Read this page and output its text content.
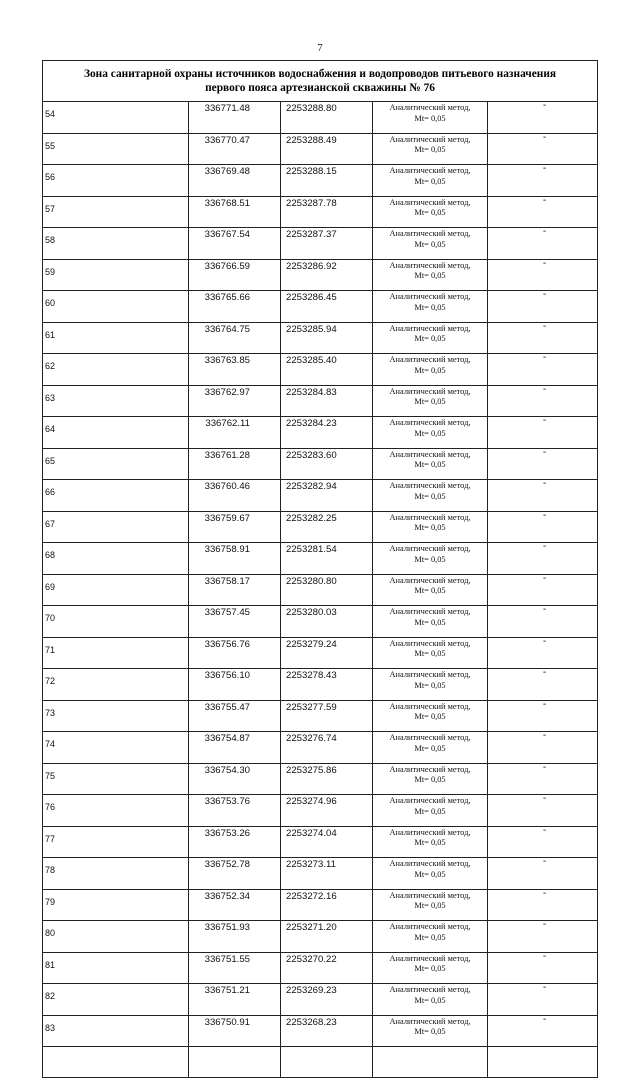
7
Зона санитарной охраны источников водоснабжения и водопроводов питьевого назначения
первого пояса артезианской скважины № 76				

54	336771.48	2253288.80	Аналитический метод,
Mt= 0,05	-
55	336770.47	2253288.49	Аналитический метод,
Mt= 0,05	-
56	336769.48	2253288.15	Аналитический метод,
Mt= 0,05	-
57	336768.51	2253287.78	Аналитический метод,
Mt= 0,05	-
58	336767.54	2253287.37	Аналитический метод,
Mt= 0,05	-
59	336766.59	2253286.92	Аналитический метод,
Mt= 0,05	-
60	336765.66	2253286.45	Аналитический метод,
Mt= 0,05	-
61	336764.75	2253285.94	Аналитический метод,
Mt= 0,05	-
62	336763.85	2253285.40	Аналитический метод,
Mt= 0,05	-
63	336762.97	2253284.83	Аналитический метод,
Mt= 0,05	-
64	336762.11	2253284.23	Аналитический метод,
Mt= 0,05	-
65	336761.28	2253283.60	Аналитический метод,
Mt= 0,05	-
66	336760.46	2253282.94	Аналитический метод,
Mt= 0,05	-
67	336759.67	2253282.25	Аналитический метод,
Mt= 0,05	-
68	336758.91	2253281.54	Аналитический метод,
Mt= 0,05	-
69	336758.17	2253280.80	Аналитический метод,
Mt= 0,05	-
70	336757.45	2253280.03	Аналитический метод,
Mt= 0,05	-
71	336756.76	2253279.24	Аналитический метод,
Mt= 0,05	-
72	336756.10	2253278.43	Аналитический метод,
Mt= 0,05	-
73	336755.47	2253277.59	Аналитический метод,
Mt= 0,05	-
74	336754.87	2253276.74	Аналитический метод,
Mt= 0,05	-
75	336754.30	2253275.86	Аналитический метод,
Mt= 0,05	-
76	336753.76	2253274.96	Аналитический метод,
Mt= 0,05	-
77	336753.26	2253274.04	Аналитический метод,
Mt= 0,05	-
78	336752.78	2253273.11	Аналитический метод,
Mt= 0,05	-
79	336752.34	2253272.16	Аналитический метод,
Mt= 0,05	-
80	336751.93	2253271.20	Аналитический метод,
Mt= 0,05	-
81	336751.55	2253270.22	Аналитический метод,
Mt= 0,05	-
82	336751.21	2253269.23	Аналитический метод,
Mt= 0,05	-
83	336750.91	2253268.23	Аналитический метод,
Mt= 0,05	-
